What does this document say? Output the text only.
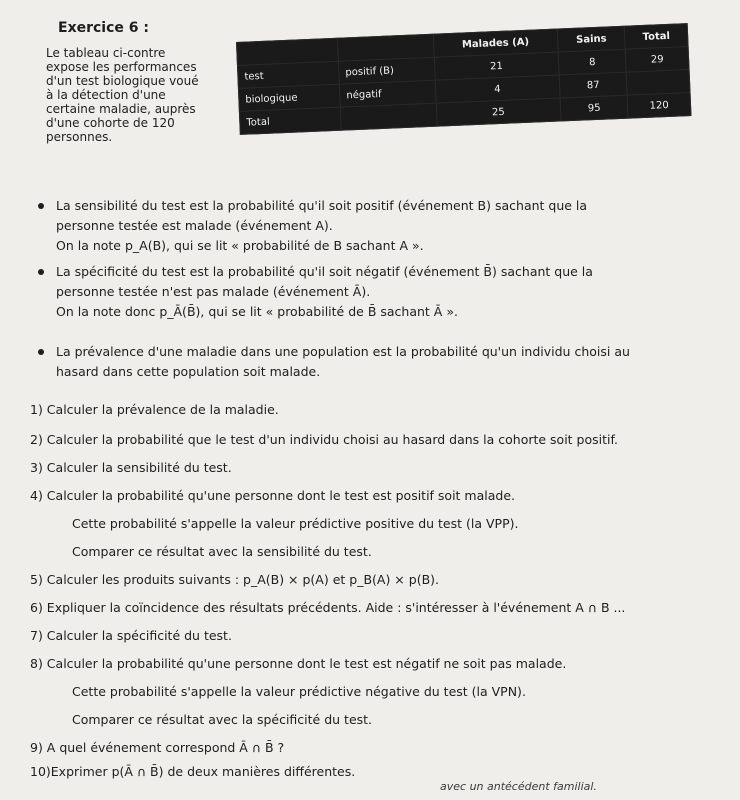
Exercice 6 :
Le tableau ci-contre
expose les performances
d'un test biologique voué
à la détection d'une
certaine maladie, auprès
d'une cohorte de 120
personnes.
		Malades (A)	Sains	Total
test	positif (B)	21	8	29
biologique	négatif	4	87	
Total		25	95	120
La sensibilité du test est la probabilité qu'il soit positif (événement B) sachant que la
personne testée est malade (événement A).
On la note p_A(B), qui se lit « probabilité de B sachant A ».
La spécificité du test est la probabilité qu'il soit négatif (événement B̄) sachant que la
personne testée n'est pas malade (événement Ā).
On la note donc p_Ā(B̄), qui se lit « probabilité de B̄ sachant Ā ».
La prévalence d'une maladie dans une population est la probabilité qu'un individu choisi au
hasard dans cette population soit malade.
1) Calculer la prévalence de la maladie.
2) Calculer la probabilité que le test d'un individu choisi au hasard dans la cohorte soit positif.
3) Calculer la sensibilité du test.
4) Calculer la probabilité qu'une personne dont le test est positif soit malade.
Cette probabilité s'appelle la valeur prédictive positive du test (la VPP).
Comparer ce résultat avec la sensibilité du test.
5) Calculer les produits suivants : p_A(B) × p(A) et p_B(A) × p(B).
6) Expliquer la coïncidence des résultats précédents. Aide : s'intéresser à l'événement A ∩ B ...
7) Calculer la spécificité du test.
8) Calculer la probabilité qu'une personne dont le test est négatif ne soit pas malade.
Cette probabilité s'appelle la valeur prédictive négative du test (la VPN).
Comparer ce résultat avec la spécificité du test.
9) A quel événement correspond Ā ∩ B̄ ?
10)Exprimer p(Ā ∩ B̄) de deux manières différentes.
avec un antécédent familial.
